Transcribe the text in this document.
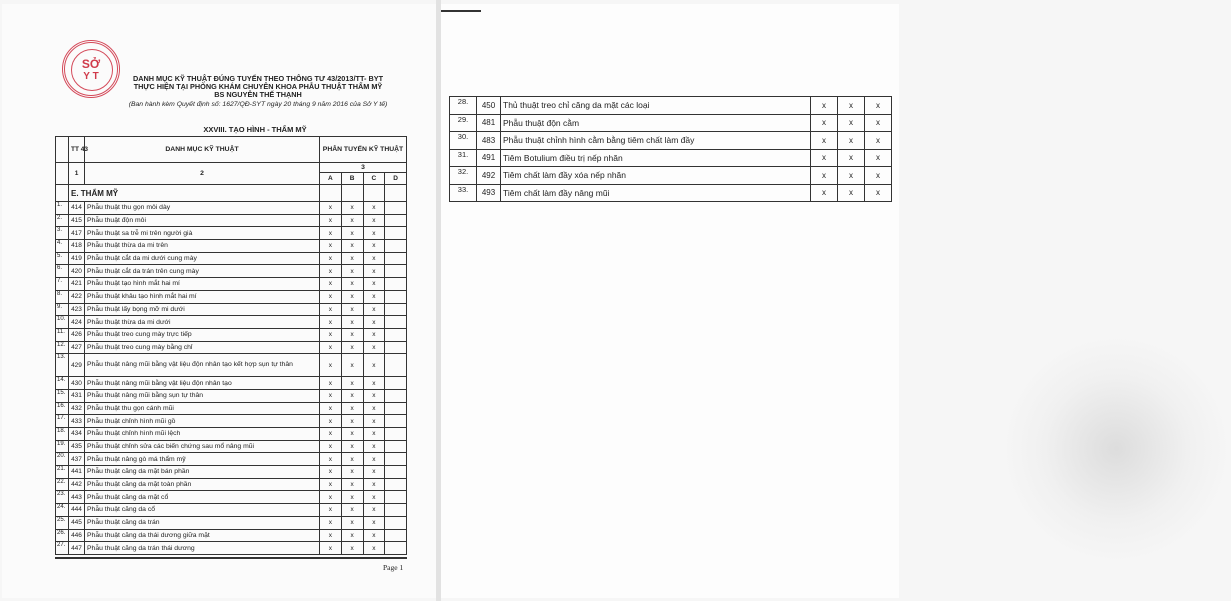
SỞ
Y T	DANH MỤC KỸ THUẬT ĐÚNG TUYẾN THEO THÔNG TƯ 43/2013/TT- BYT
THỰC HIỆN TẠI PHÒNG KHÁM CHUYÊN KHOA PHẪU THUẬT THẨM MỸ
BS NGUYỄN THẾ THẠNH
(Ban hành kèm Quyết định số: 1627/QĐ-SYT ngày 20 tháng 9 năm 2016 của Sở Y tế)
XXVIII. TẠO HÌNH - THẨM MỸ
	TT 43	DANH MỤC KỸ THUẬT	PHÂN TUYẾN KỸ THUẬT			

	1	2	3			
			A	B	C	D
	E. THẨM MỸ					
1.	414	Phẫu thuật thu gọn môi dày	x	x	x	
2.	415	Phẫu thuật độn môi	x	x	x	
3.	417	Phẫu thuật sa trễ mi trên người già	x	x	x	
4.	418	Phẫu thuật thừa da mi trên	x	x	x	
5.	419	Phẫu thuật cắt da mi dưới cung mày	x	x	x	
6.	420	Phẫu thuật cắt da trán trên cung mày	x	x	x	
7.	421	Phẫu thuật tạo hình mắt hai mí	x	x	x	
8.	422	Phẫu thuật khâu tạo hình mắt hai mí	x	x	x	
9.	423	Phẫu thuật lấy bọng mỡ mi dưới	x	x	x	
10.	424	Phẫu thuật thừa da mi dưới	x	x	x	
11.	426	Phẫu thuật treo cung mày trực tiếp	x	x	x	
12.	427	Phẫu thuật treo cung mày bằng chỉ	x	x	x	
13.	429	Phẫu thuật nâng mũi bằng vật liệu độn nhân tạo kết hợp sụn tự thân	x	x	x	
14.	430	Phẫu thuật nâng mũi bằng vật liệu độn nhân tạo	x	x	x	
15.	431	Phẫu thuật nâng mũi bằng sụn tự thân	x	x	x	
16.	432	Phẫu thuật thu gọn cánh mũi	x	x	x	
17.	433	Phẫu thuật chỉnh hình mũi gồ	x	x	x	
18.	434	Phẫu thuật chỉnh hình mũi lệch	x	x	x	
19.	435	Phẫu thuật chỉnh sửa các biến chứng sau mổ nâng mũi	x	x	x	
20.	437	Phẫu thuật nâng gò má thẩm mỹ	x	x	x	
21.	441	Phẫu thuật căng da mặt bán phần	x	x	x	
22.	442	Phẫu thuật căng da mặt toàn phần	x	x	x	
23.	443	Phẫu thuật căng da mặt cổ	x	x	x	
24.	444	Phẫu thuật căng da cổ	x	x	x	
25.	445	Phẫu thuật căng da trán	x	x	x	
26.	446	Phẫu thuật căng da thái dương giữa mặt	x	x	x	
27.	447	Phẫu thuật căng da trán thái dương	x	x	x	
Page 1
28.	450	Thủ thuật treo chỉ căng da mặt các loại	x	x	x
29.	481	Phẫu thuật độn cằm	x	x	x
30.	483	Phẫu thuật chỉnh hình cằm bằng tiêm chất làm đầy	x	x	x
31.	491	Tiêm Botulium điều trị nếp nhăn	x	x	x
32.	492	Tiêm chất làm đầy xóa nếp nhăn	x	x	x
33.	493	Tiêm chất làm đầy nâng mũi	x	x	x
